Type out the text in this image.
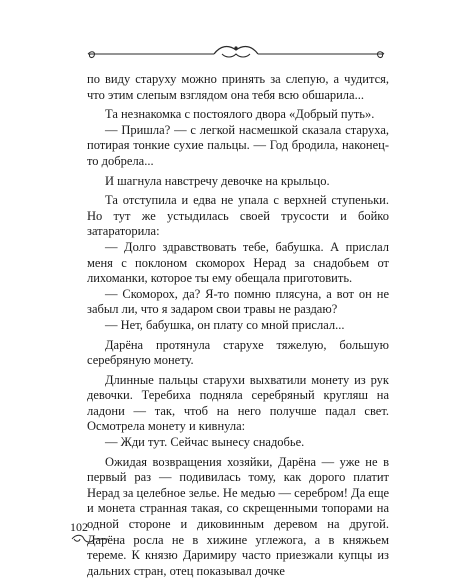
по виду старуху можно принять за слепую, а чудится, что этим слепым взглядом она тебя всю обшарила...

Та незнакомка с постоялого двора «Добрый путь».

— Пришла? — с легкой насмешкой сказала старуха, потирая тонкие сухие пальцы. — Год бродила, наконец-то добрела...

И шагнула навстречу девочке на крыльцо.

Та отступила и едва не упала с верхней ступеньки. Но тут же устыдилась своей трусости и бойко затараторила:

— Долго здравствовать тебе, бабушка. А прислал меня с поклоном скоморох Нерад за снадобьем от лихоманки, которое ты ему обещала приготовить.

— Скоморох, да? Я-то помню плясуна, а вот он не забыл ли, что я задаром свои травы не раздаю?

— Нет, бабушка, он плату со мной прислал...

Дарёна протянула старухе тяжелую, большую серебряную монету.

Длинные пальцы старухи выхватили монету из рук девочки. Теребиха подняла серебряный кругляш на ладони — так, чтоб на него получше падал свет. Осмотрела монету и кивнула:

— Жди тут. Сейчас вынесу снадобье.

Ожидая возвращения хозяйки, Дарёна — уже не в первый раз — подивилась тому, как дорого платит Нерад за целебное зелье. Не медью — серебром! Да еще и монета странная такая, со скрещенными топорами на одной стороне и диковинным деревом на другой. Дарёна росла не в хижине углежога, а в княжьем тереме. К князю Даримиру часто приезжали купцы из дальних стран, отец показывал дочке

102
